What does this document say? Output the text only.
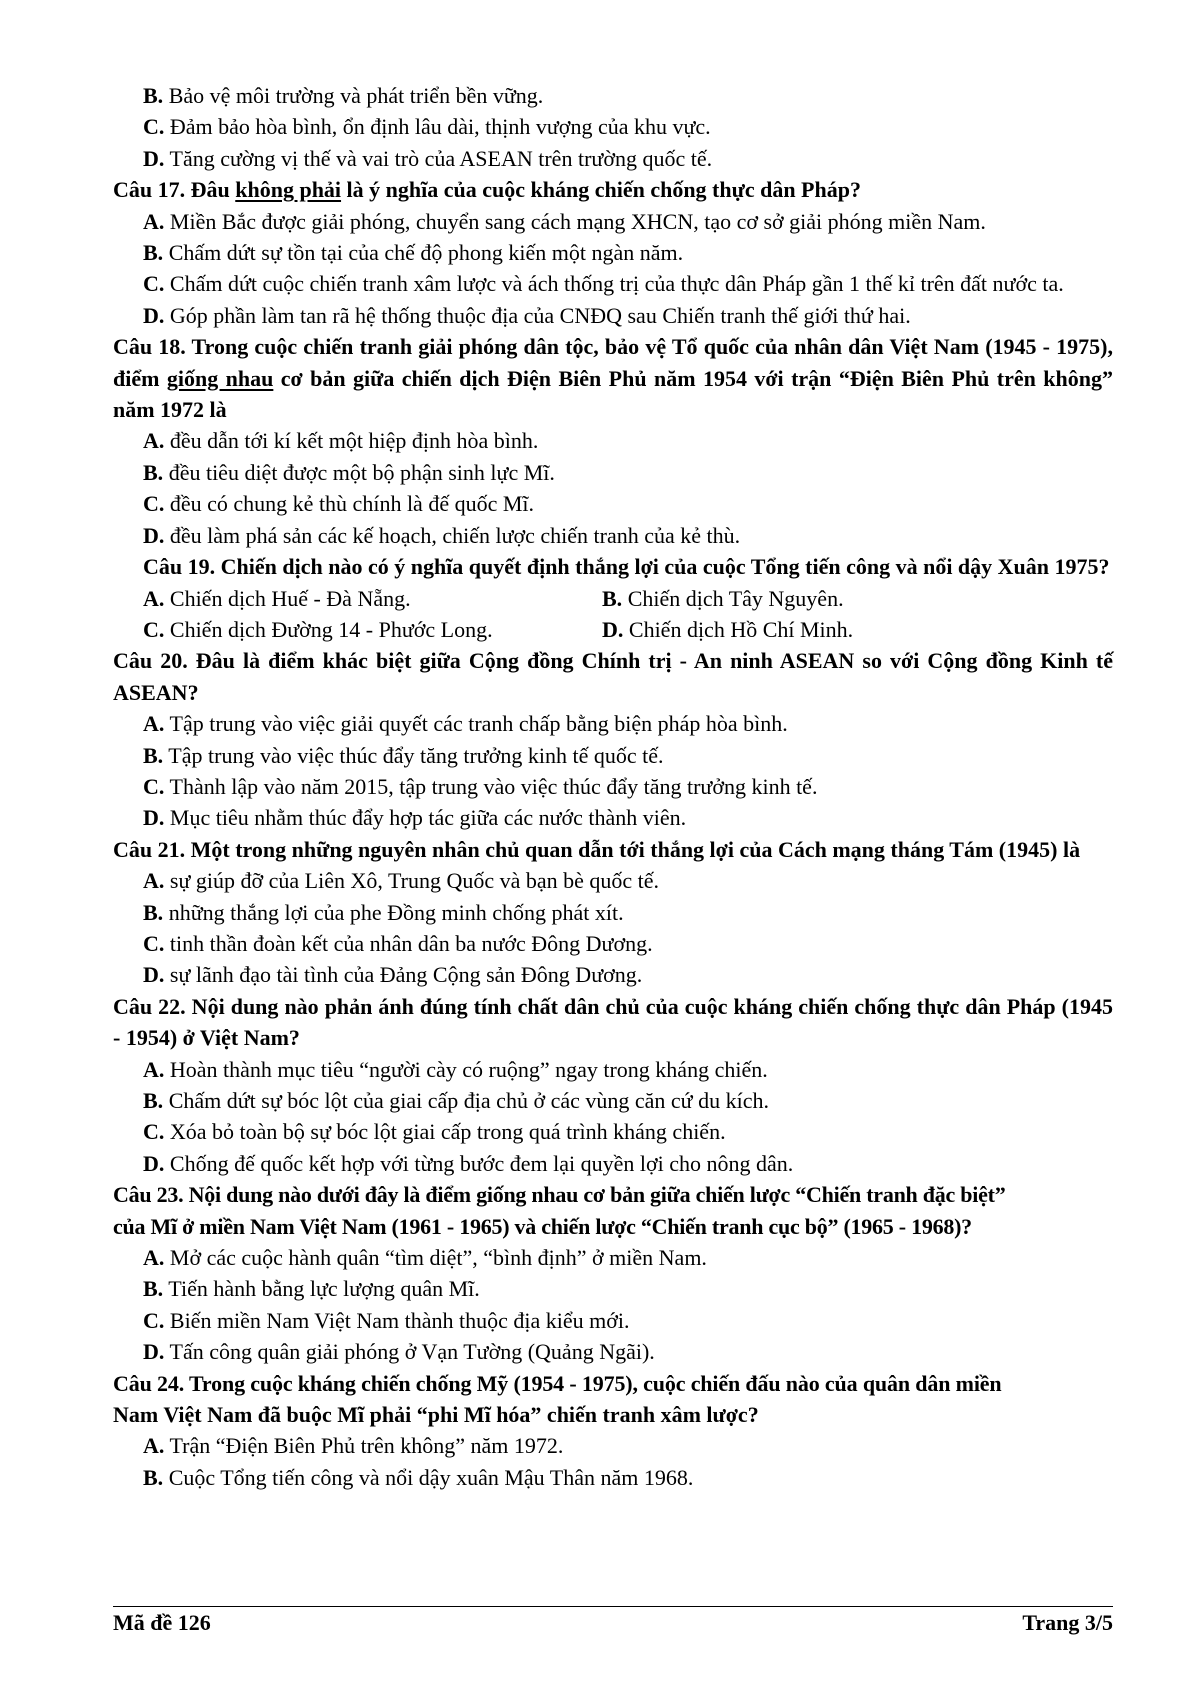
B. Bảo vệ môi trường và phát triển bền vững.
C. Đảm bảo hòa bình, ổn định lâu dài, thịnh vượng của khu vực.
D. Tăng cường vị thế và vai trò của ASEAN trên trường quốc tế.
Câu 17. Đâu không phải là ý nghĩa của cuộc kháng chiến chống thực dân Pháp?
A. Miền Bắc được giải phóng, chuyển sang cách mạng XHCN, tạo cơ sở giải phóng miền Nam.
B. Chấm dứt sự tồn tại của chế độ phong kiến một ngàn năm.
C. Chấm dứt cuộc chiến tranh xâm lược và ách thống trị của thực dân Pháp gần 1 thế kỉ trên đất nước ta.
D. Góp phần làm tan rã hệ thống thuộc địa của CNĐQ sau Chiến tranh thế giới thứ hai.
Câu 18. Trong cuộc chiến tranh giải phóng dân tộc, bảo vệ Tổ quốc của nhân dân Việt Nam (1945 - 1975), điểm giống nhau cơ bản giữa chiến dịch Điện Biên Phủ năm 1954 với trận “Điện Biên Phủ trên không” năm 1972 là
A. đều dẫn tới kí kết một hiệp định hòa bình.
B. đều tiêu diệt được một bộ phận sinh lực Mĩ.
C. đều có chung kẻ thù chính là đế quốc Mĩ.
D. đều làm phá sản các kế hoạch, chiến lược chiến tranh của kẻ thù.
Câu 19. Chiến dịch nào có ý nghĩa quyết định thắng lợi của cuộc Tổng tiến công và nổi dậy Xuân 1975?
A. Chiến dịch Huế - Đà Nẵng.	B. Chiến dịch Tây Nguyên.
C. Chiến dịch Đường 14 - Phước Long.	D. Chiến dịch Hồ Chí Minh.
Câu 20. Đâu là điểm khác biệt giữa Cộng đồng Chính trị - An ninh ASEAN so với Cộng đồng Kinh tế ASEAN?
A. Tập trung vào việc giải quyết các tranh chấp bằng biện pháp hòa bình.
B. Tập trung vào việc thúc đẩy tăng trưởng kinh tế quốc tế.
C. Thành lập vào năm 2015, tập trung vào việc thúc đẩy tăng trưởng kinh tế.
D. Mục tiêu nhằm thúc đẩy hợp tác giữa các nước thành viên.
Câu 21. Một trong những nguyên nhân chủ quan dẫn tới thắng lợi của Cách mạng tháng Tám (1945) là
A. sự giúp đỡ của Liên Xô, Trung Quốc và bạn bè quốc tế.
B. những thắng lợi của phe Đồng minh chống phát xít.
C. tinh thần đoàn kết của nhân dân ba nước Đông Dương.
D. sự lãnh đạo tài tình của Đảng Cộng sản Đông Dương.
Câu 22. Nội dung nào phản ánh đúng tính chất dân chủ của cuộc kháng chiến chống thực dân Pháp (1945 - 1954) ở Việt Nam?
A. Hoàn thành mục tiêu “người cày có ruộng” ngay trong kháng chiến.
B. Chấm dứt sự bóc lột của giai cấp địa chủ ở các vùng căn cứ du kích.
C. Xóa bỏ toàn bộ sự bóc lột giai cấp trong quá trình kháng chiến.
D. Chống đế quốc kết hợp với từng bước đem lại quyền lợi cho nông dân.
Câu 23. Nội dung nào dưới đây là điểm giống nhau cơ bản giữa chiến lược “Chiến tranh đặc biệt”
của Mĩ ở miền Nam Việt Nam (1961 - 1965) và chiến lược “Chiến tranh cục bộ” (1965 - 1968)?
A. Mở các cuộc hành quân “tìm diệt”, “bình định” ở miền Nam.
B. Tiến hành bằng lực lượng quân Mĩ.
C. Biến miền Nam Việt Nam thành thuộc địa kiểu mới.
D. Tấn công quân giải phóng ở Vạn Tường (Quảng Ngãi).
Câu 24. Trong cuộc kháng chiến chống Mỹ (1954 - 1975), cuộc chiến đấu nào của quân dân miền
Nam Việt Nam đã buộc Mĩ phải “phi Mĩ hóa” chiến tranh xâm lược?
A. Trận “Điện Biên Phủ trên không” năm 1972.
B. Cuộc Tổng tiến công và nổi dậy xuân Mậu Thân năm 1968.
Mã đề 126	Trang 3/5
